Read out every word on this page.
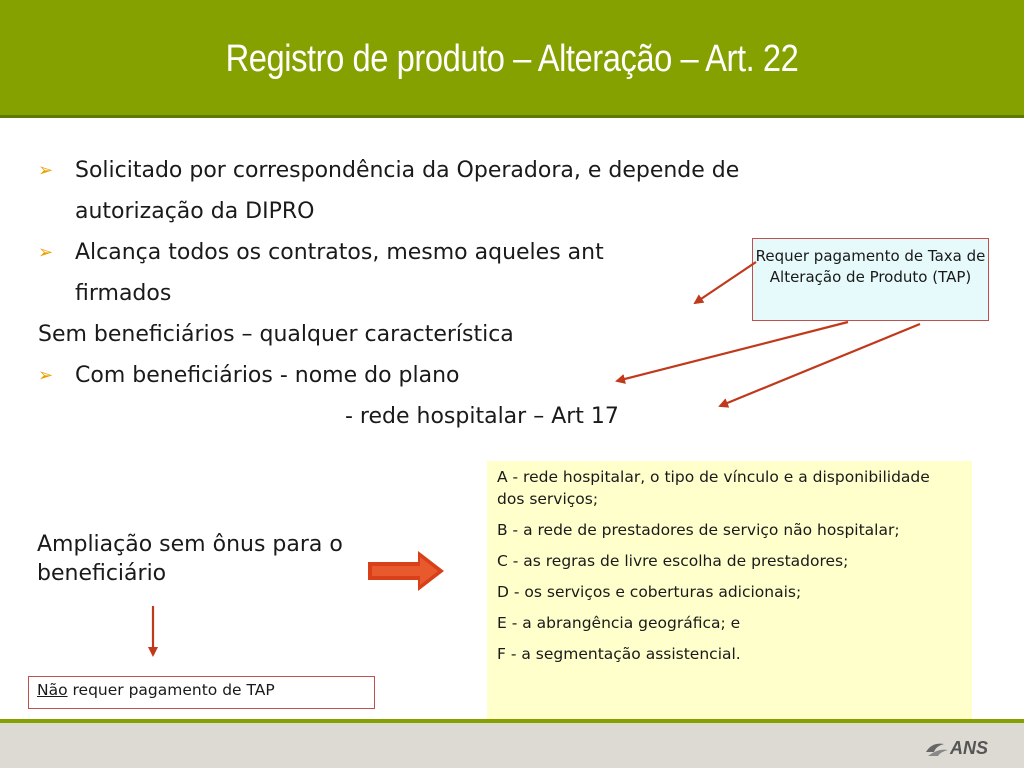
Registro de produto – Alteração – Art. 22
➢ Solicitado por correspondência da Operadora, e depende de
autorização da DIPRO
➢ Alcança todos os contratos, mesmo aqueles ant
firmados
Sem beneficiários – qualquer característica
➢ Com beneficiários - nome do plano
- rede hospitalar – Art 17
Requer pagamento de Taxa de Alteração de Produto (TAP)
Ampliação sem ônus para o beneficiário
A - rede hospitalar, o tipo de vínculo e a disponibilidade dos serviços;
B - a rede de prestadores de serviço não hospitalar;
C - as regras de livre escolha de prestadores;
D - os serviços e coberturas adicionais;
E - a abrangência geográfica; e
F - a segmentação assistencial.
Não requer pagamento de TAP
ANS
